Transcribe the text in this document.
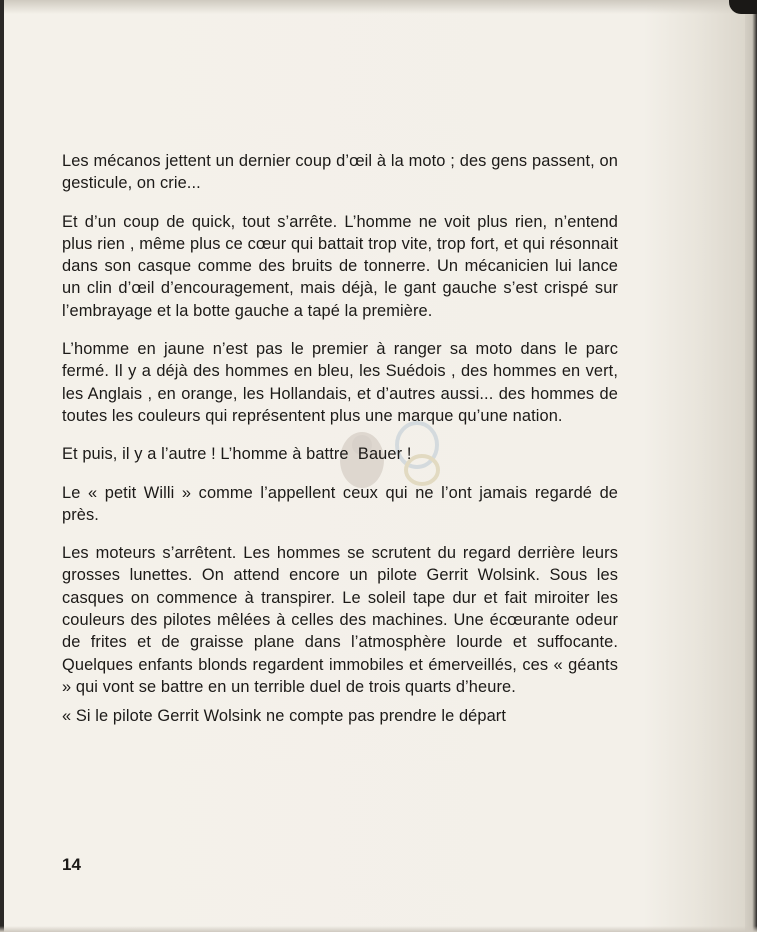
Les mécanos jettent un dernier coup d’œil à la moto ; des gens passent, on gesticule, on crie...

Et d’un coup de quick, tout s’arrête. L’homme ne voit plus rien, n’entend plus rien , même plus ce cœur qui battait trop vite, trop fort, et qui résonnait dans son casque comme des bruits de tonnerre. Un mécanicien lui lance un clin d’œil d’encouragement, mais déjà, le gant gauche s’est crispé sur l’embrayage et la botte gauche a tapé la première.

L’homme en jaune n’est pas le premier à ranger sa moto dans le parc fermé. Il y a déjà des hommes en bleu, les Suédois , des hommes en vert, les Anglais , en orange, les Hollandais, et d’autres aussi... des hommes de toutes les couleurs qui représentent plus une marque qu’une nation.

Et puis, il y a l’autre ! L’homme à battre  Bauer !

Le « petit Willi » comme l’appellent ceux qui ne l’ont jamais regardé de près.

Les moteurs s’arrêtent. Les hommes se scrutent du regard derrière leurs grosses lunettes. On attend encore un pilote Gerrit Wolsink. Sous les casques on commence à transpirer. Le soleil tape dur et fait miroiter les couleurs des pilotes mêlées à celles des machines. Une écœurante odeur de frites et de graisse plane dans l’atmosphère lourde et suffocante. Quelques enfants blonds regardent immobiles et émerveillés, ces « géants » qui vont se battre en un terrible duel de trois quarts d’heure.

« Si le pilote Gerrit Wolsink ne compte pas prendre le départ

14
